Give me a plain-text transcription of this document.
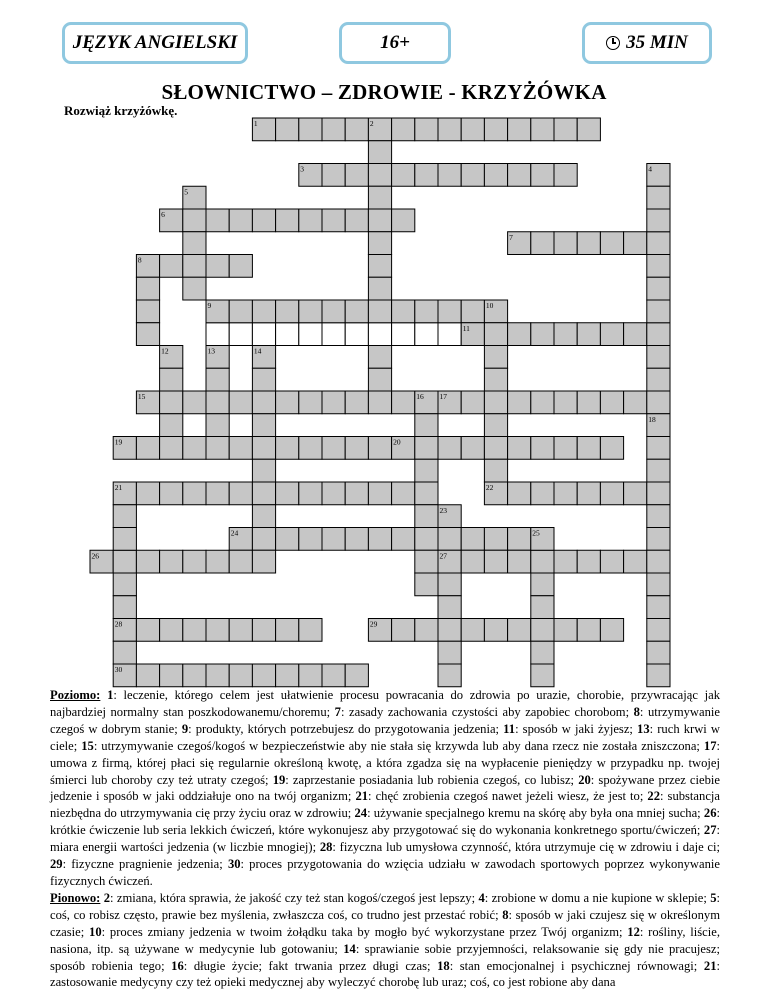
JĘZYK ANGIELSKI	16+	35 MIN
SŁOWNICTWO – ZDROWIE - KRZYŻÓWKA
Rozwiąż krzyżówkę.
1	2
3	4
5
6
7
8
9	10
11
12	13	14
15	16 17
18
19	20
21	22
23
24	25
26	27
28	29
30
Poziomo: 1: leczenie, którego celem jest ułatwienie procesu powracania do zdrowia po urazie, chorobie, przywracając jak najbardziej normalny stan poszkodowanemu/choremu; 7: zasady zachowania czystości aby zapobiec chorobom; 8: utrzymywanie czegoś w dobrym stanie; 9: produkty, których potrzebujesz do przygotowania jedzenia; 11: sposób w jaki żyjesz; 13: ruch krwi w ciele; 15: utrzymywanie czegoś/kogoś w bezpieczeństwie aby nie stała się krzywda lub aby dana rzecz nie została zniszczona; 17: umowa z firmą, której płaci się regularnie określoną kwotę, a która zgadza się na wypłacenie pieniędzy w przypadku np. twojej śmierci lub choroby czy też utraty czegoś; 19: zaprzestanie posiadania lub robienia czegoś, co lubisz; 20: spożywane przez ciebie jedzenie i sposób w jaki oddziałuje ono na twój organizm; 21: chęć zrobienia czegoś nawet jeżeli wiesz, że jest to; 22: substancja niezbędna do utrzymywania cię przy życiu oraz w zdrowiu; 24: używanie specjalnego kremu na skórę aby była ona mniej sucha; 26: krótkie ćwiczenie lub seria lekkich ćwiczeń, które wykonujesz aby przygotować się do wykonania konkretnego sportu/ćwiczeń; 27: miara energii wartości jedzenia (w liczbie mnogiej); 28: fizyczna lub umysłowa czynność, która utrzymuje cię w zdrowiu i daje ci; 29: fizyczne pragnienie jedzenia; 30: proces przygotowania do wzięcia udziału w zawodach sportowych poprzez wykonywanie fizycznych ćwiczeń.
Pionowo: 2: zmiana, która sprawia, że jakość czy też stan kogoś/czegoś jest lepszy; 4: zrobione w domu a nie kupione w sklepie; 5: coś, co robisz często, prawie bez myślenia, zwłaszcza coś, co trudno jest przestać robić; 8: sposób w jaki czujesz się w określonym czasie; 10: proces zmiany jedzenia w twoim żołądku taka by mogło być wykorzystane przez Twój organizm; 12: rośliny, liście, nasiona, itp. są używane w medycynie lub gotowaniu; 14: sprawianie sobie przyjemności, relaksowanie się gdy nie pracujesz; sposób robienia tego; 16: długie życie; fakt trwania przez długi czas; 18: stan emocjonalnej i psychicznej równowagi; 21: zastosowanie medycyny czy też opieki medycznej aby wyleczyć chorobę lub uraz; coś, co jest robione aby dana
